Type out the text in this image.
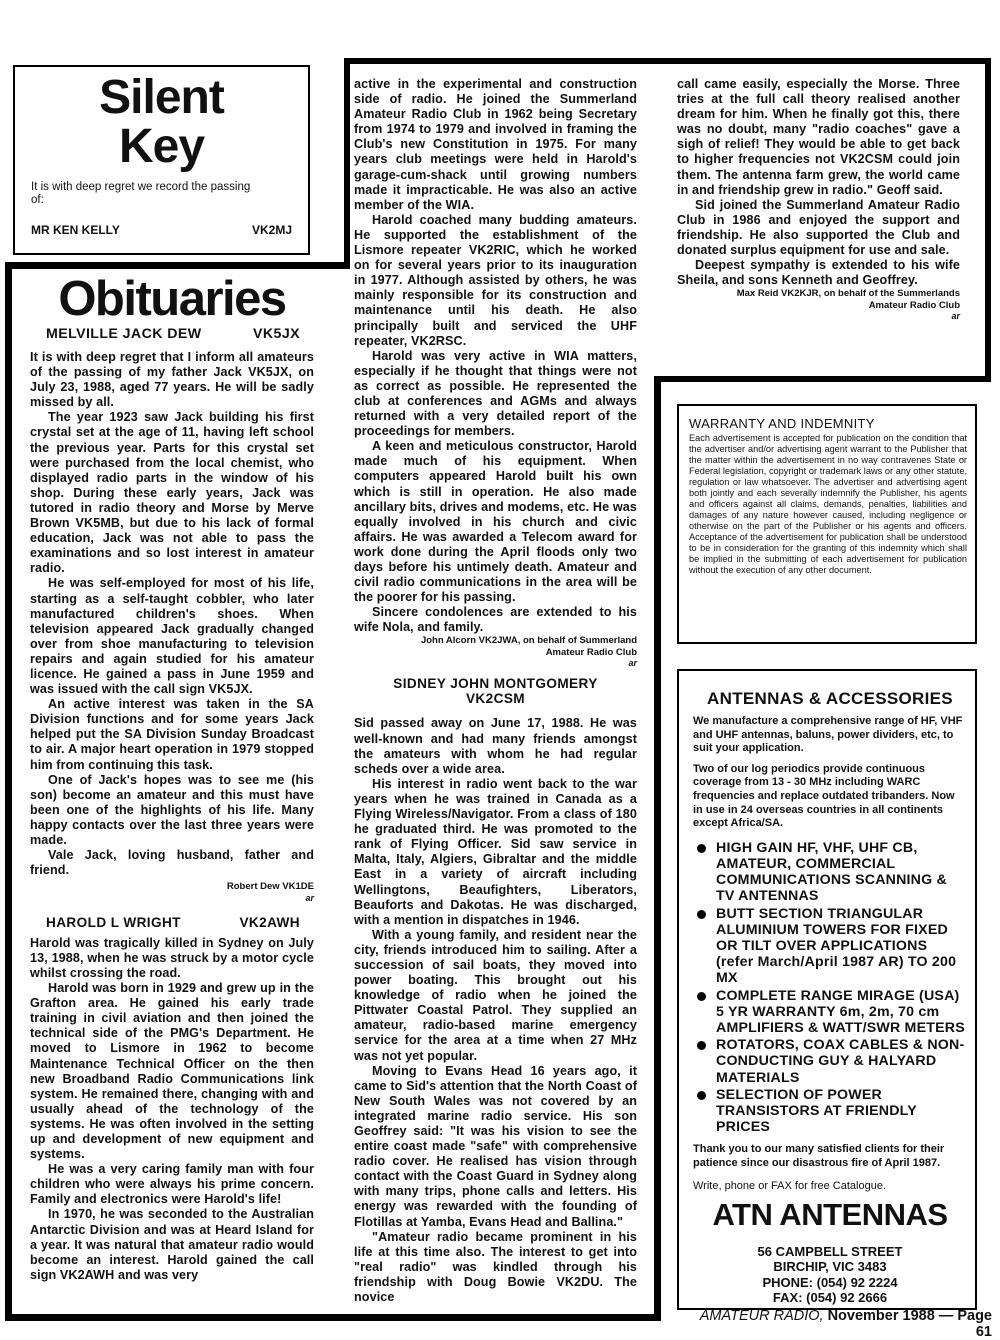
Silent
Key
It is with deep regret we record the passing of:
MR KEN KELLY	VK2MJ
Obituaries
MELVILLE JACK DEW	VK5JX

It is with deep regret that I inform all amateurs of the passing of my father Jack VK5JX, on July 23, 1988, aged 77 years. He will be sadly missed by all.

The year 1923 saw Jack building his first crystal set at the age of 11, having left school the previous year. Parts for this crystal set were purchased from the local chemist, who displayed radio parts in the window of his shop. During these early years, Jack was tutored in radio theory and Morse by Merve Brown VK5MB, but due to his lack of formal education, Jack was not able to pass the examinations and so lost interest in amateur radio.

He was self-employed for most of his life, starting as a self-taught cobbler, who later manufactured children's shoes. When television appeared Jack gradually changed over from shoe manufacturing to television repairs and again studied for his amateur licence. He gained a pass in June 1959 and was issued with the call sign VK5JX.

An active interest was taken in the SA Division functions and for some years Jack helped put the SA Division Sunday Broadcast to air. A major heart operation in 1979 stopped him from continuing this task.

One of Jack's hopes was to see me (his son) become an amateur and this must have been one of the highlights of his life. Many happy contacts over the last three years were made.

Vale Jack, loving husband, father and friend.

Robert Dew VK1DE
ar
HAROLD L WRIGHT	VK2AWH

Harold was tragically killed in Sydney on July 13, 1988, when he was struck by a motor cycle whilst crossing the road.

Harold was born in 1929 and grew up in the Grafton area. He gained his early trade training in civil aviation and then joined the technical side of the PMG's Department. He moved to Lismore in 1962 to become Maintenance Technical Officer on the then new Broadband Radio Communications link system. He remained there, changing with and usually ahead of the technology of the systems. He was often involved in the setting up and development of new equipment and systems.

He was a very caring family man with four children who were always his prime concern. Family and electronics were Harold's life!

In 1970, he was seconded to the Australian Antarctic Division and was at Heard Island for a year. It was natural that amateur radio would become an interest. Harold gained the call sign VK2AWH and was very

active in the experimental and construction side of radio. He joined the Summerland Amateur Radio Club in 1962 being Secretary from 1974 to 1979 and involved in framing the Club's new Constitution in 1975. For many years club meetings were held in Harold's garage-cum-shack until growing numbers made it impracticable. He was also an active member of the WIA.

Harold coached many budding amateurs. He supported the establishment of the Lismore repeater VK2RIC, which he worked on for several years prior to its inauguration in 1977. Although assisted by others, he was mainly responsible for its construction and maintenance until his death. He also principally built and serviced the UHF repeater, VK2RSC.

Harold was very active in WIA matters, especially if he thought that things were not as correct as possible. He represented the club at conferences and AGMs and always returned with a very detailed report of the proceedings for members.

A keen and meticulous constructor, Harold made much of his equipment. When computers appeared Harold built his own which is still in operation. He also made ancillary bits, drives and modems, etc. He was equally involved in his church and civic affairs. He was awarded a Telecom award for work done during the April floods only two days before his untimely death. Amateur and civil radio communications in the area will be the poorer for his passing.

Sincere condolences are extended to his wife Nola, and family.

John Alcorn VK2JWA, on behalf of Summerland
Amateur Radio Club
ar
SIDNEY JOHN MONTGOMERY
VK2CSM

Sid passed away on June 17, 1988. He was well-known and had many friends amongst the amateurs with whom he had regular scheds over a wide area.

His interest in radio went back to the war years when he was trained in Canada as a Flying Wireless/Navigator. From a class of 180 he graduated third. He was promoted to the rank of Flying Officer. Sid saw service in Malta, Italy, Algiers, Gibraltar and the middle East in a variety of aircraft including Wellingtons, Beaufighters, Liberators, Beauforts and Dakotas. He was discharged, with a mention in dispatches in 1946.

With a young family, and resident near the city, friends introduced him to sailing. After a succession of sail boats, they moved into power boating. This brought out his knowledge of radio when he joined the Pittwater Coastal Patrol. They supplied an amateur, radio-based marine emergency service for the area at a time when 27 MHz was not yet popular.

Moving to Evans Head 16 years ago, it came to Sid's attention that the North Coast of New South Wales was not covered by an integrated marine radio service. His son Geoffrey said: "It was his vision to see the entire coast made "safe" with comprehensive radio cover. He realised has vision through contact with the Coast Guard in Sydney along with many trips, phone calls and letters. His energy was rewarded with the founding of Flotillas at Yamba, Evans Head and Ballina."

"Amateur radio became prominent in his life at this time also. The interest to get into "real radio" was kindled through his friendship with Doug Bowie VK2DU. The novice

call came easily, especially the Morse. Three tries at the full call theory realised another dream for him. When he finally got this, there was no doubt, many "radio coaches" gave a sigh of relief! They would be able to get back to higher frequencies not VK2CSM could join them. The antenna farm grew, the world came in and friendship grew in radio." Geoff said.

Sid joined the Summerland Amateur Radio Club in 1986 and enjoyed the support and friendship. He also supported the Club and donated surplus equipment for use and sale.

Deepest sympathy is extended to his wife Sheila, and sons Kenneth and Geoffrey.

Max Reid VK2KJR, on behalf of the Summerlands
Amateur Radio Club
ar
WARRANTY AND INDEMNITY
Each advertisement is accepted for publication on the condition that the advertiser and/or advertising agent warrant to the Publisher that the matter within the advertisement in no way contravenes State or Federal legislation, copyright or trademark laws or any other statute, regulation or law whatsoever. The advertiser and advertising agent both jointly and each severally indemnify the Publisher, his agents and officers against all claims, demands, penalties, liabilities and damages of any nature however caused, including negligence or otherwise on the part of the Publisher or his agents and officers. Acceptance of the advertisement for publication shall be understood to be in consideration for the granting of this indemnity which shall be implied in the submitting of each advertisement for publication without the execution of any other document.
ANTENNAS & ACCESSORIES
We manufacture a comprehensive range of HF, VHF and UHF antennas, baluns, power dividers, etc, to suit your application.
Two of our log periodics provide continuous coverage from 13 - 30 MHz including WARC frequencies and replace outdated tribanders. Now in use in 24 overseas countries in all continents except Africa/SA.
HIGH GAIN HF, VHF, UHF CB, AMATEUR, COMMERCIAL COMMUNICATIONS SCANNING & TV ANTENNAS
BUTT SECTION TRIANGULAR ALUMINIUM TOWERS FOR FIXED OR TILT OVER APPLICATIONS (refer March/April 1987 AR) TO 200 MX
COMPLETE RANGE MIRAGE (USA) 5 YR WARRANTY 6m, 2m, 70 cm AMPLIFIERS & WATT/SWR METERS
ROTATORS, COAX CABLES & NON-CONDUCTING GUY & HALYARD MATERIALS
SELECTION OF POWER TRANSISTORS AT FRIENDLY PRICES
Thank you to our many satisfied clients for their patience since our disastrous fire of April 1987.
Write, phone or FAX for free Catalogue.
ATN ANTENNAS
56 CAMPBELL STREET
BIRCHIP, VIC 3483
PHONE: (054) 92 2224
FAX: (054) 92 2666
AMATEUR RADIO, November 1988 — Page 61
